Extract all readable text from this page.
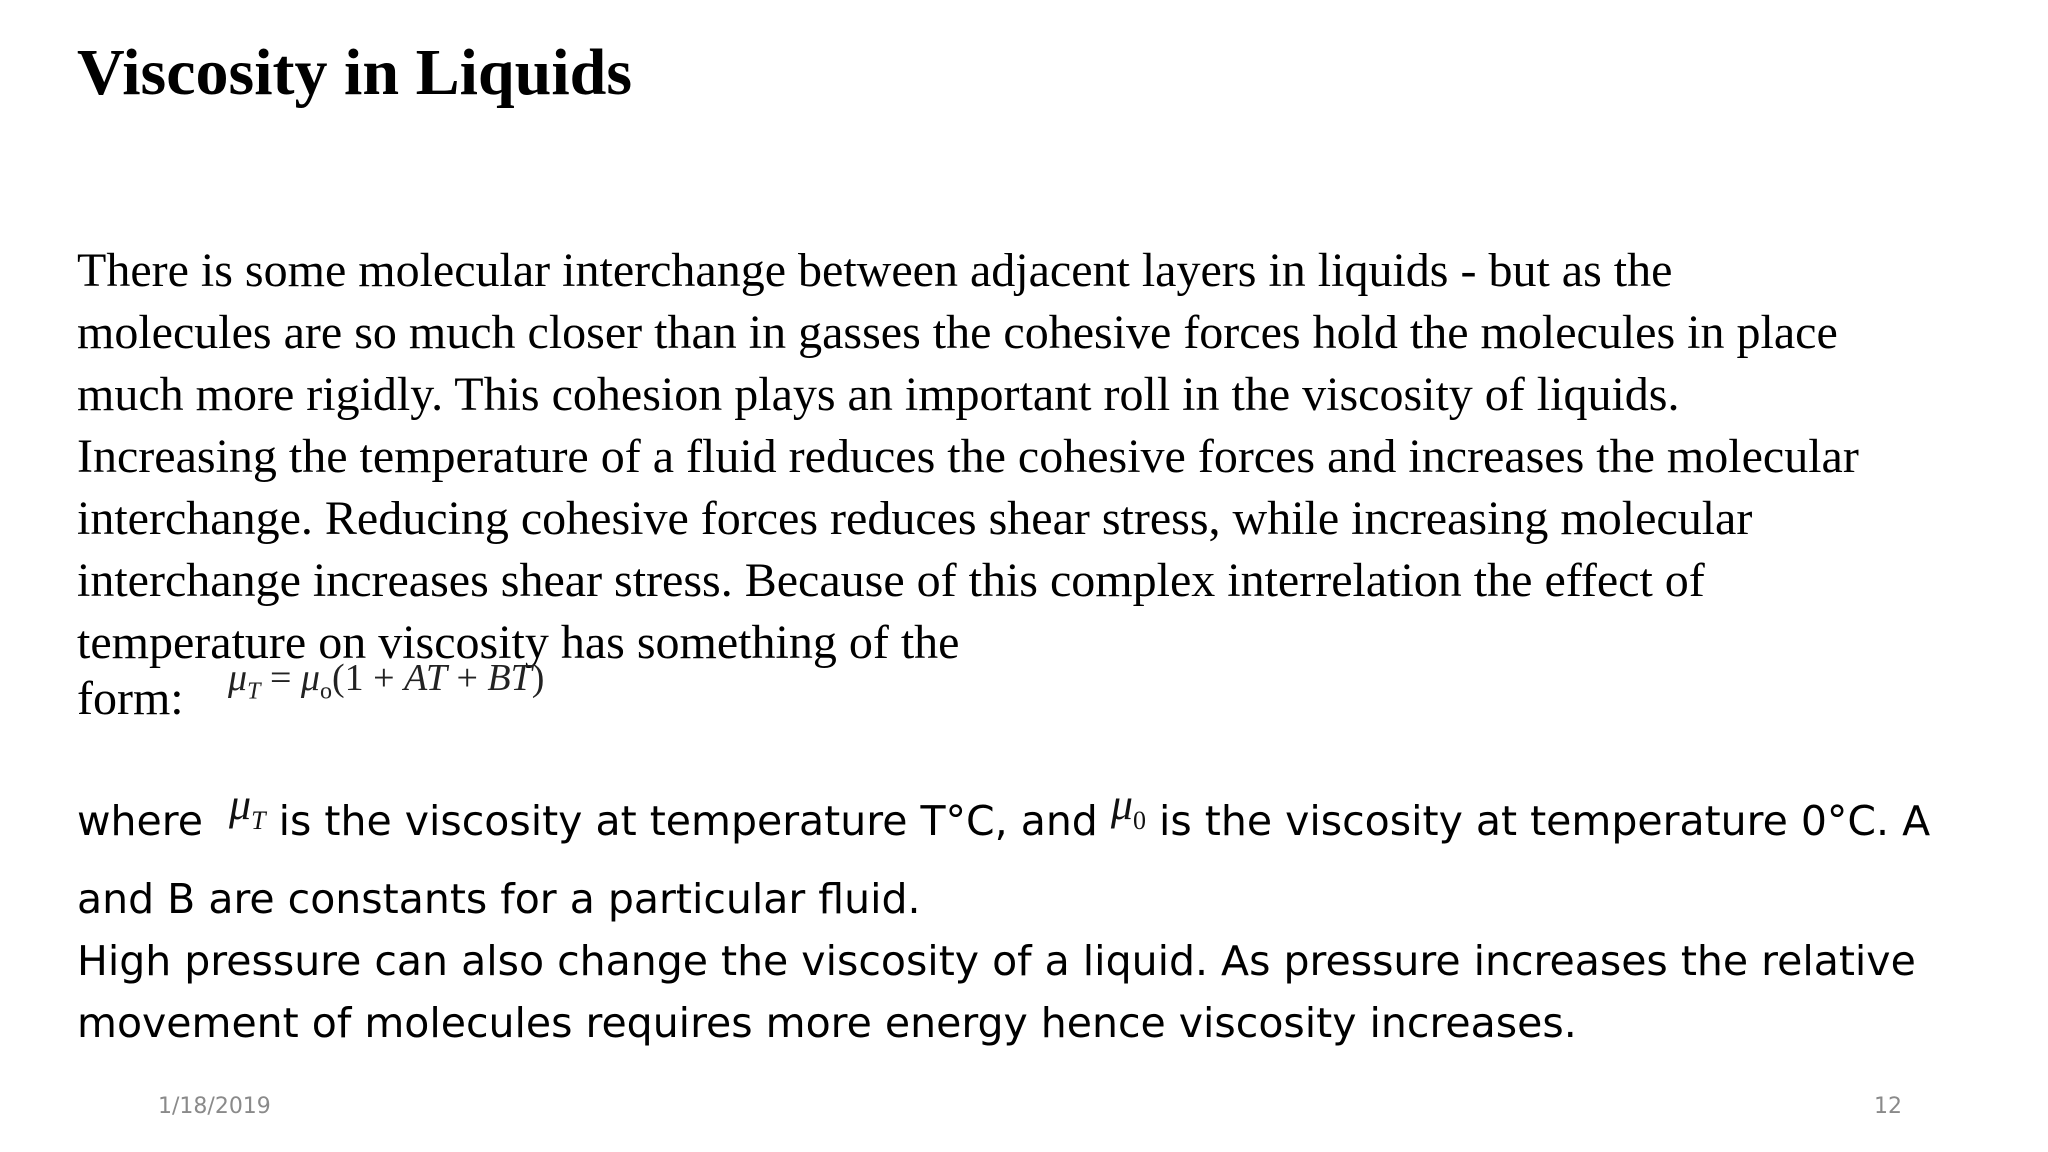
Viscosity in Liquids
There is some molecular interchange between adjacent layers in liquids - but as the
molecules are so much closer than in gasses the cohesive forces hold the molecules in place
much more rigidly. This cohesion plays an important roll in the viscosity of liquids.
Increasing the temperature of a fluid reduces the cohesive forces and increases the molecular
interchange. Reducing cohesive forces reduces shear stress, while increasing molecular
interchange increases shear stress. Because of this complex interrelation the effect of
temperature on viscosity has something of the
form: $\mu_T = \mu_o(1$ + AT + BT)
where $\mu_T$ is the viscosity at temperature T°C, and $\mu_0$ is the viscosity at temperature 0°C. A
and B are constants for a particular fluid.
High pressure can also change the viscosity of a liquid. As pressure increases the relative
movement of molecules requires more energy hence viscosity increases.
1/18/2019	12
